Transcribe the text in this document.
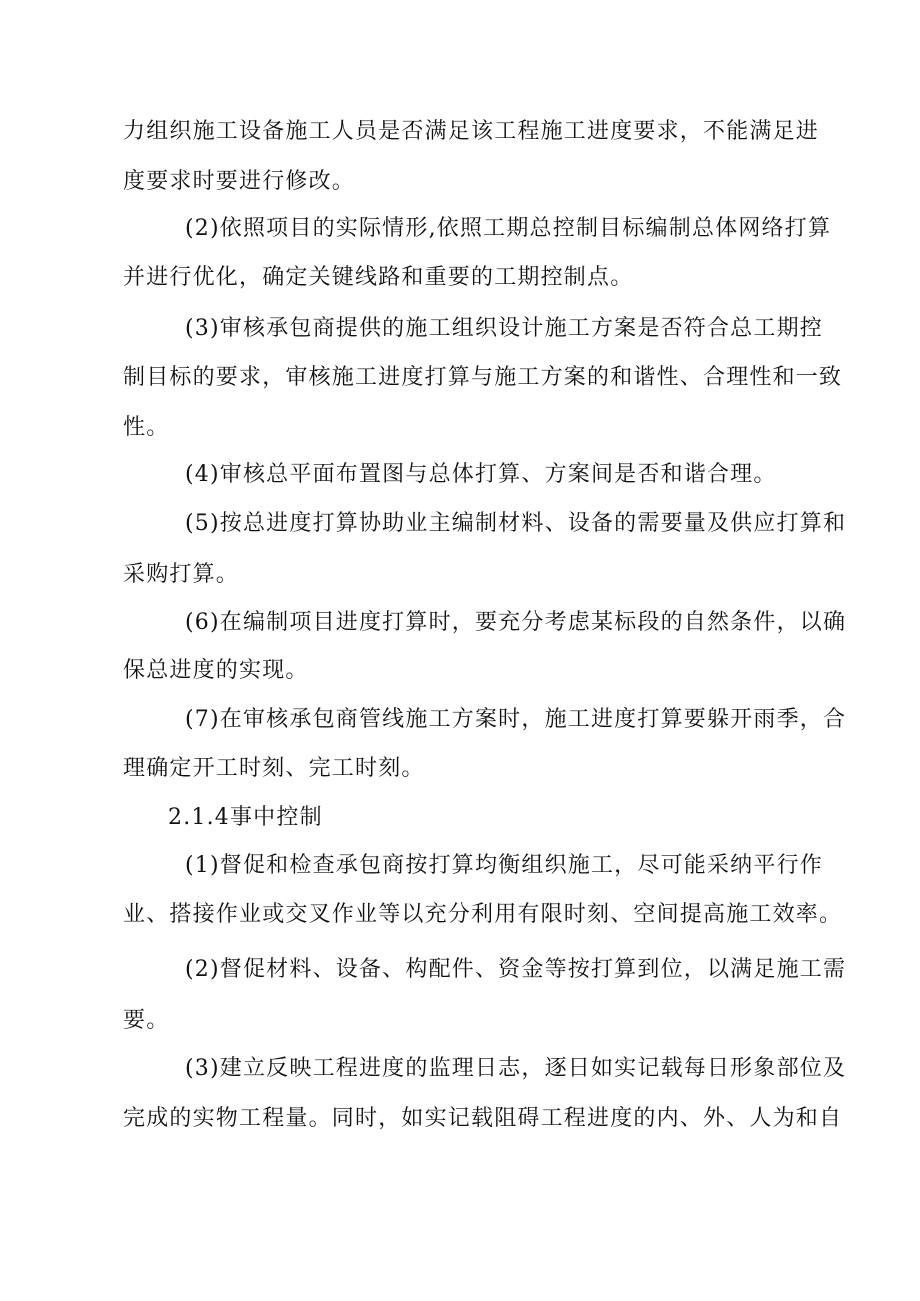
力组织施工设备施工人员是否满足该工程施工进度要求，不能满足进
度要求时要进行修改。
(2)依照项目的实际情形,依照工期总控制目标编制总体网络打算
并进行优化，确定关键线路和重要的工期控制点。
(3)审核承包商提供的施工组织设计施工方案是否符合总工期控
制目标的要求，审核施工进度打算与施工方案的和谐性、合理性和一致
性。
(4)审核总平面布置图与总体打算、方案间是否和谐合理。
(5)按总进度打算协助业主编制材料、设备的需要量及供应打算和
采购打算。
(6)在编制项目进度打算时，要充分考虑某标段的自然条件，以确
保总进度的实现。
(7)在审核承包商管线施工方案时，施工进度打算要躲开雨季，合
理确定开工时刻、完工时刻。
2.1.4事中控制
(1)督促和检查承包商按打算均衡组织施工，尽可能采纳平行作
业、搭接作业或交叉作业等以充分利用有限时刻、空间提高施工效率。
(2)督促材料、设备、构配件、资金等按打算到位，以满足施工需
要。
(3)建立反映工程进度的监理日志，逐日如实记载每日形象部位及
完成的实物工程量。同时，如实记载阻碍工程进度的内、外、人为和自
